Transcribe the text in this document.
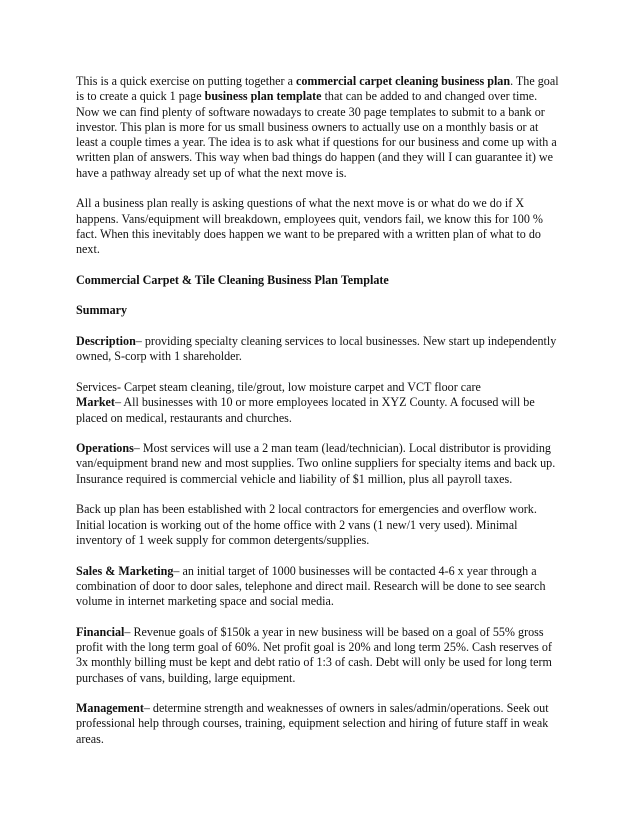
This is a quick exercise on putting together a commercial carpet cleaning business plan. The goal is to create a quick 1 page business plan template that can be added to and changed over time. Now we can find plenty of software nowadays to create 30 page templates to submit to a bank or investor. This plan is more for us small business owners to actually use on a monthly basis or at least a couple times a year. The idea is to ask what if questions for our business and come up with a written plan of answers. This way when bad things do happen (and they will I can guarantee it) we have a pathway already set up of what the next move is.

All a business plan really is asking questions of what the next move is or what do we do if X happens. Vans/equipment will breakdown, employees quit, vendors fail, we know this for 100 % fact. When this inevitably does happen we want to be prepared with a written plan of what to do next.

Commercial Carpet & Tile Cleaning Business Plan Template

Summary

Description– providing specialty cleaning services to local businesses. New start up independently owned, S-corp with 1 shareholder.

Services- Carpet steam cleaning, tile/grout, low moisture carpet and VCT floor care

Market– All businesses with 10 or more employees located in XYZ County. A focused will be placed on medical, restaurants and churches.

Operations– Most services will use a 2 man team (lead/technician). Local distributor is providing van/equipment brand new and most supplies. Two online suppliers for specialty items and back up. Insurance required is commercial vehicle and liability of $1 million, plus all payroll taxes.

Back up plan has been established with 2 local contractors for emergencies and overflow work. Initial location is working out of the home office with 2 vans (1 new/1 very used). Minimal inventory of 1 week supply for common detergents/supplies.

Sales & Marketing– an initial target of 1000 businesses will be contacted 4-6 x year through a combination of door to door sales, telephone and direct mail. Research will be done to see search volume in internet marketing space and social media.

Financial– Revenue goals of $150k a year in new business will be based on a goal of 55% gross profit with the long term goal of 60%. Net profit goal is 20% and long term 25%. Cash reserves of 3x monthly billing must be kept and debt ratio of 1:3 of cash. Debt will only be used for long term purchases of vans, building, large equipment.

Management– determine strength and weaknesses of owners in sales/admin/operations. Seek out professional help through courses, training, equipment selection and hiring of future staff in weak areas.
